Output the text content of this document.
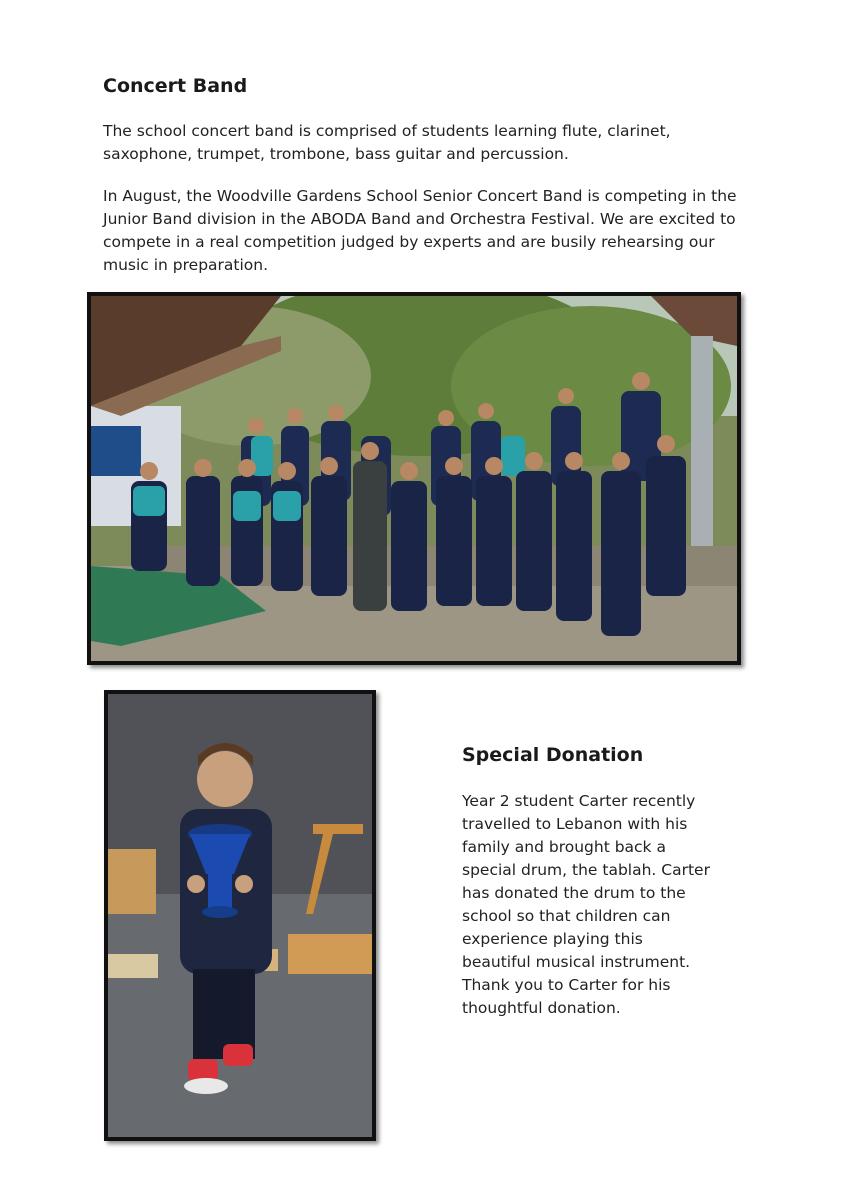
Concert Band

The school concert band is comprised of students learning flute, clarinet, saxophone, trumpet, trombone, bass guitar and percussion.

In August, the Woodville Gardens School Senior Concert Band is competing in the Junior Band division in the ABODA Band and Orchestra Festival. We are excited to compete in a real competition judged by experts and are busily rehearsing our music in preparation.

Special Donation

Year 2 student Carter recently travelled to Lebanon with his family and brought back a special drum, the tablah. Carter has donated the drum to the school so that children can experience playing this beautiful musical instrument. Thank you to Carter for his thoughtful donation.
